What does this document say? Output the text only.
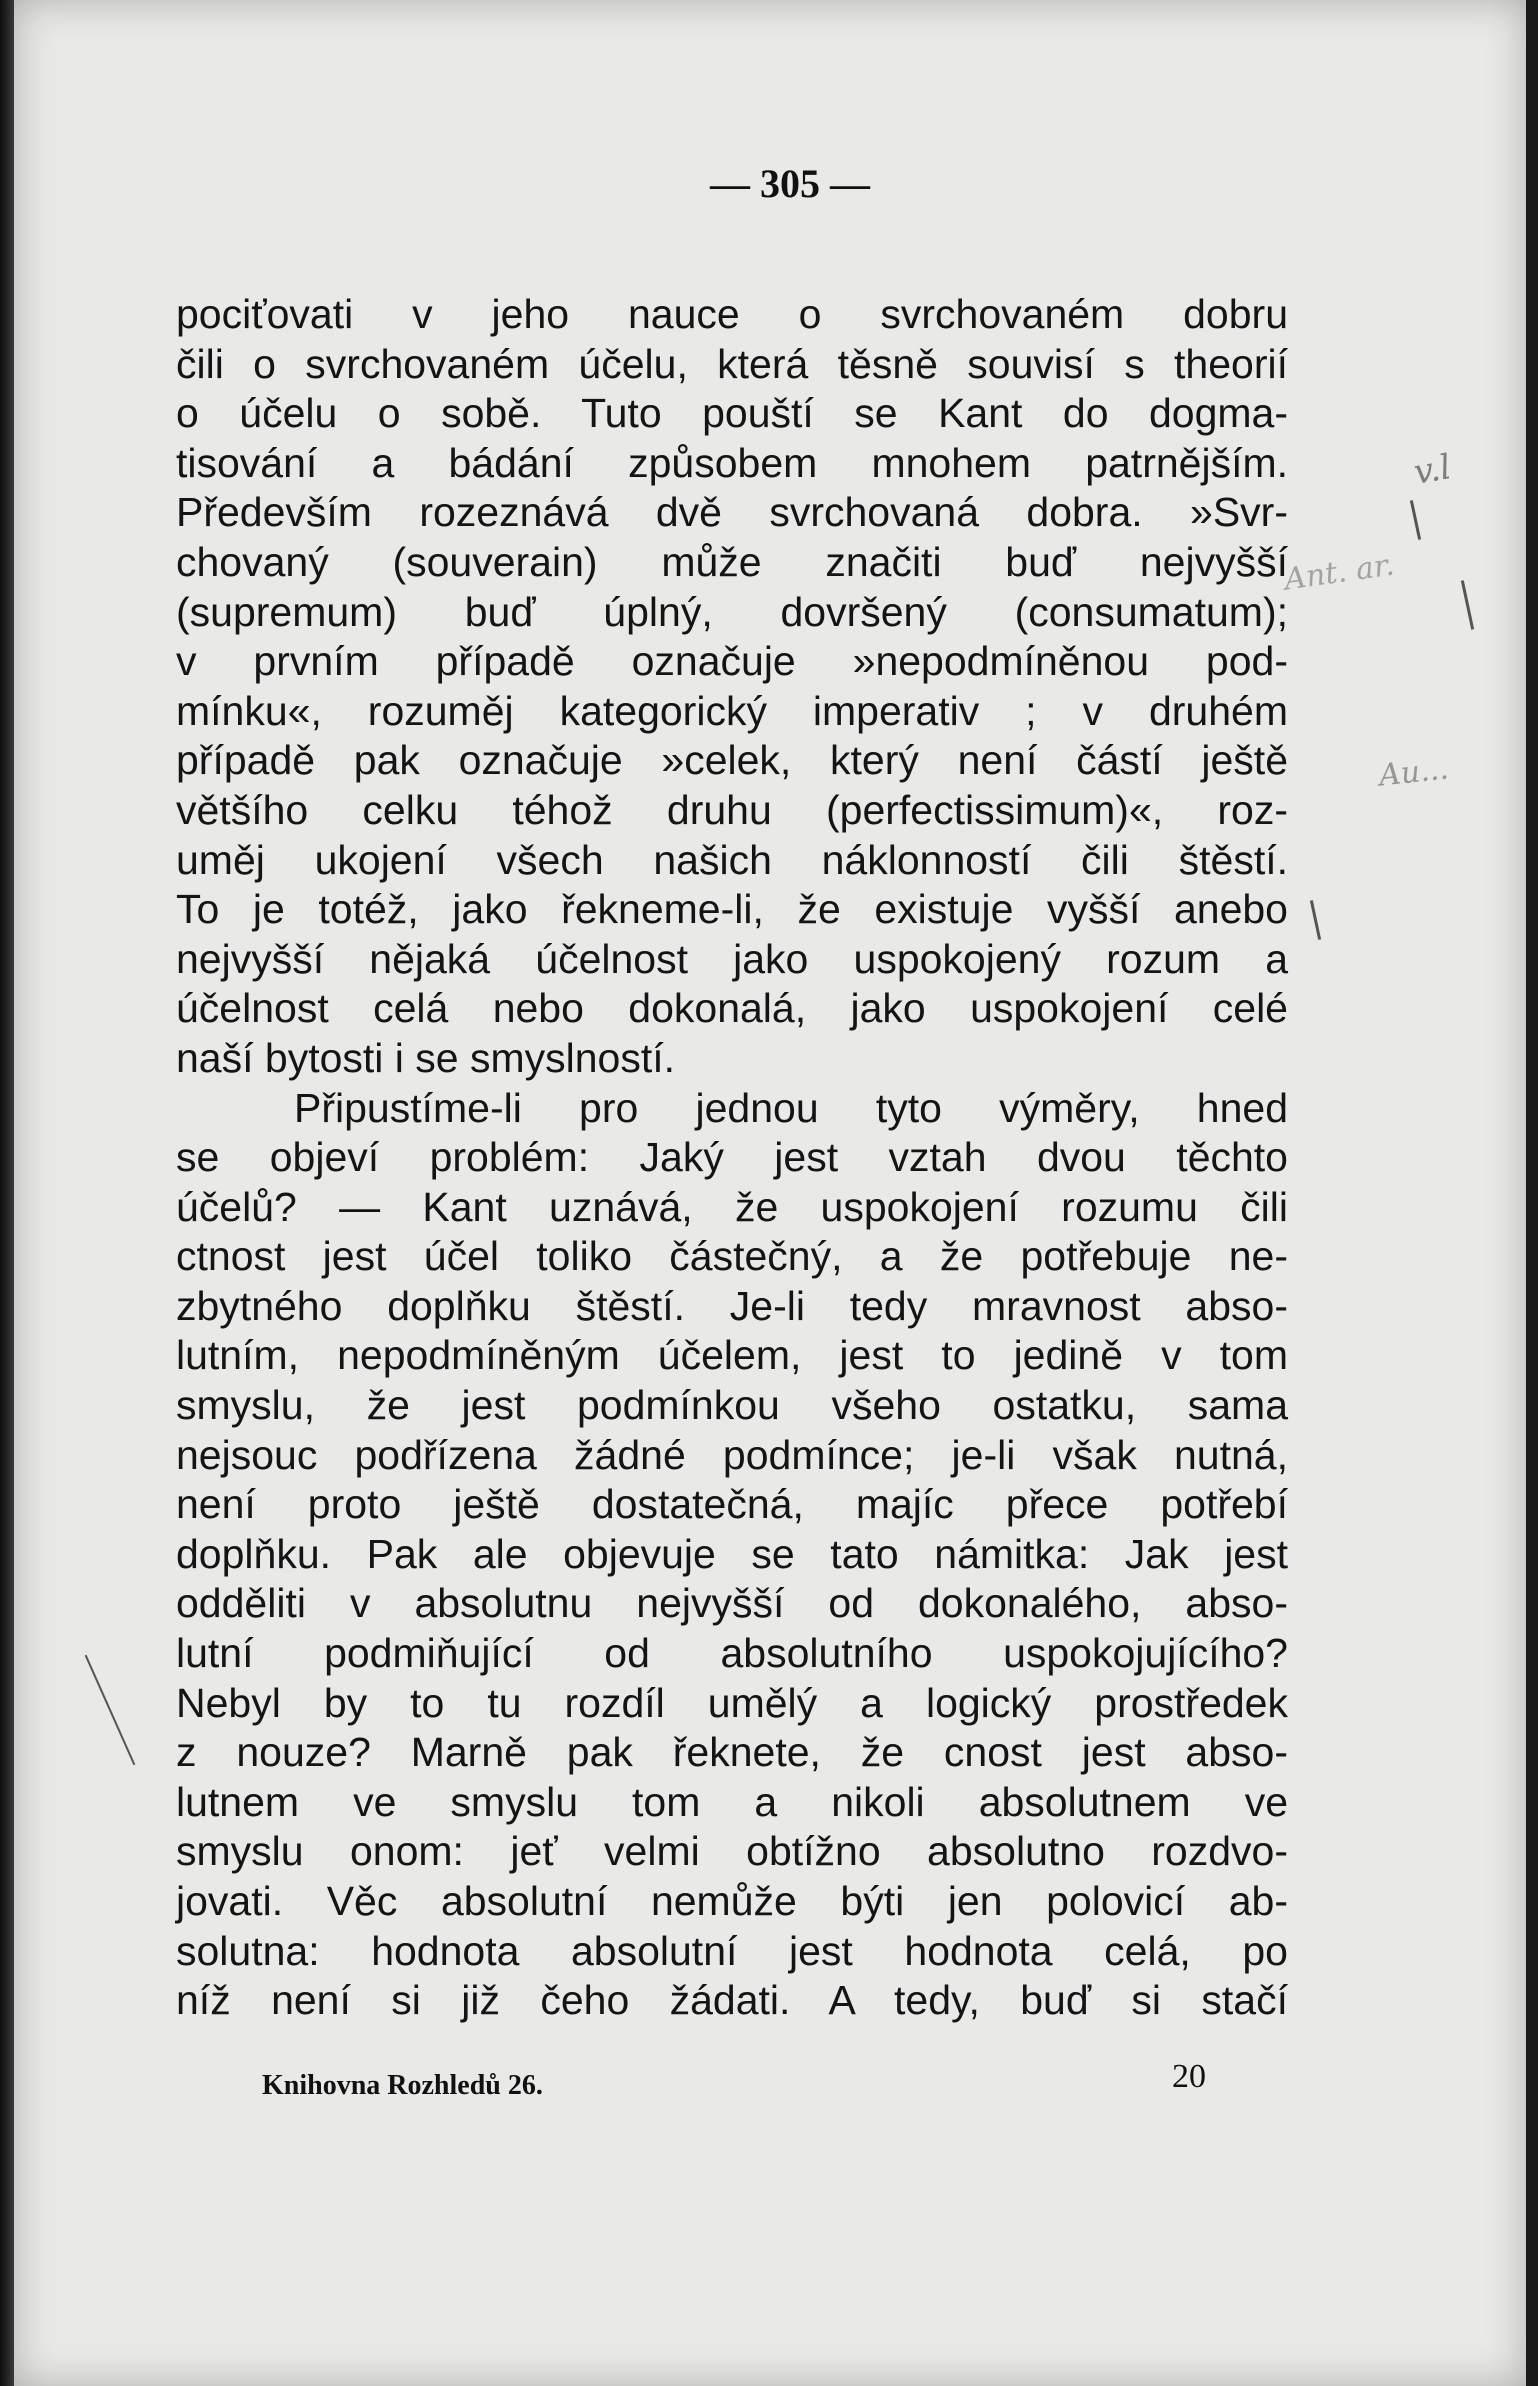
— 305 —
pociťovati v jeho nauce o svrchovaném dobru
čili o svrchovaném účelu, která těsně souvisí s theorií
o účelu o sobě. Tuto pouští se Kant do dogma-
tisování a bádání způsobem mnohem patrnějším.
Především rozeznává dvě svrchovaná dobra. »Svr-
chovaný (souverain) může značiti buď nejvyšší
(supremum) buď úplný, dovršený (consumatum);
v prvním případě označuje »nepodmíněnou pod-
mínku«, rozuměj kategorický imperativ ; v druhém
případě pak označuje »celek, který není částí ještě
většího celku téhož druhu (perfectissimum)«, roz-
uměj ukojení všech našich náklonností čili štěstí.
To je totéž, jako řekneme-li, že existuje vyšší anebo
nejvyšší nějaká účelnost jako uspokojený rozum a
účelnost celá nebo dokonalá, jako uspokojení celé
naší bytosti i se smyslností.
Připustíme-li pro jednou tyto výměry, hned
se objeví problém: Jaký jest vztah dvou těchto
účelů? — Kant uznává, že uspokojení rozumu čili
ctnost jest účel toliko částečný, a že potřebuje ne-
zbytného doplňku štěstí. Je-li tedy mravnost abso-
lutním, nepodmíněným účelem, jest to jedině v tom
smyslu, že jest podmínkou všeho ostatku, sama
nejsouc podřízena žádné podmínce; je-li však nutná,
není proto ještě dostatečná, majíc přece potřebí
doplňku. Pak ale objevuje se tato námitka: Jak jest
odděliti v absolutnu nejvyšší od dokonalého, abso-
lutní podmiňující od absolutního uspokojujícího?
Nebyl by to tu rozdíl umělý a logický prostředek
z nouze? Marně pak řeknete, že cnost jest abso-
lutnem ve smyslu tom a nikoli absolutnem ve
smyslu onom: jeť velmi obtížno absolutno rozdvo-
jovati. Věc absolutní nemůže býti jen polovicí ab-
solutna: hodnota absolutní jest hodnota celá, po
níž není si již čeho žádati. A tedy, buď si stačí
v.l
Ant. ar.
Au...
Knihovna Rozhledů 26.	20
